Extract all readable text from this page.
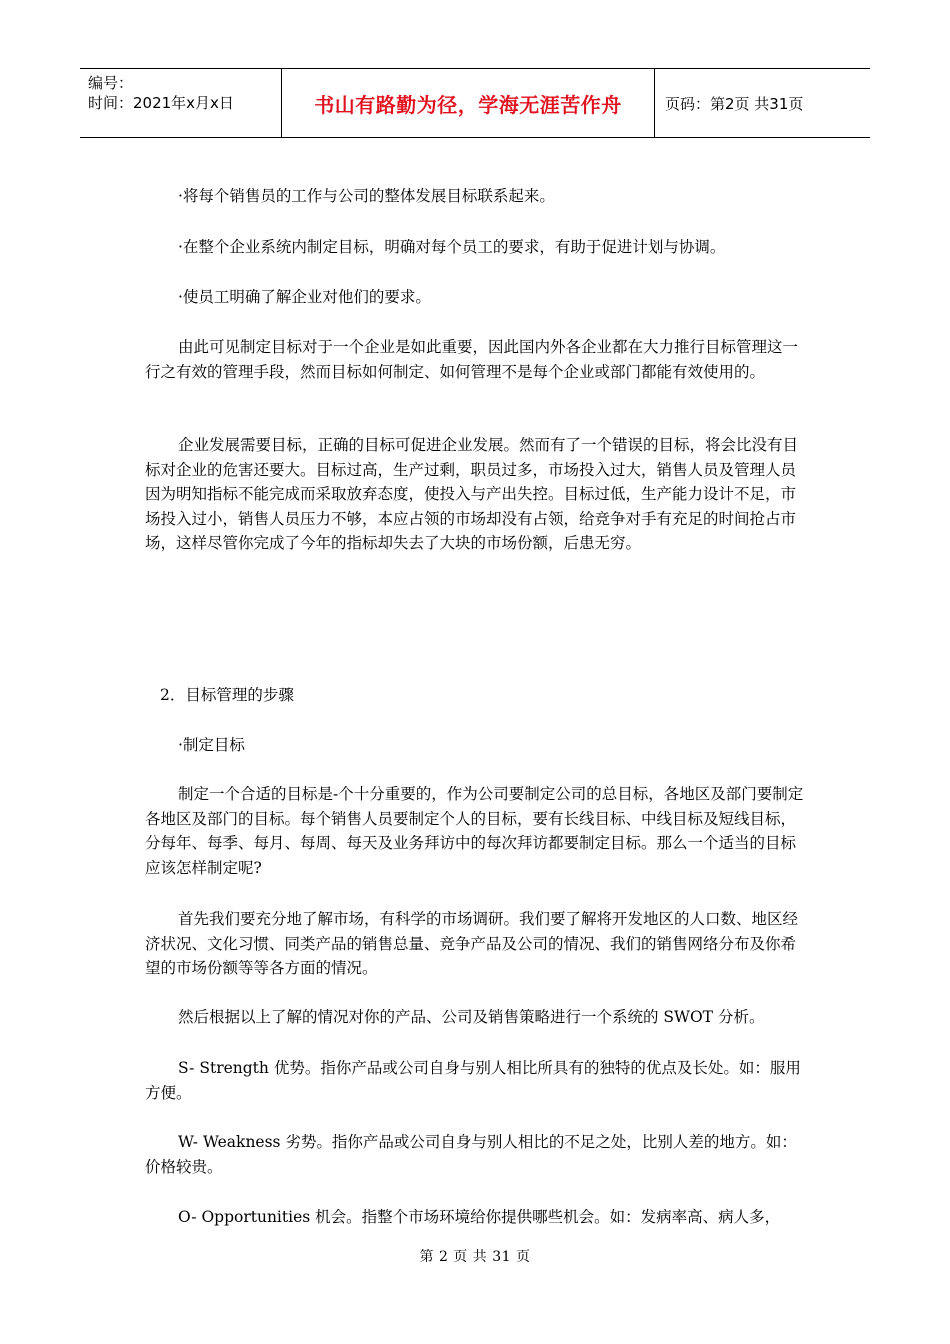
编号：
时间：2021年x月x日	书山有路勤为径，学海无涯苦作舟	页码：第2页 共31页

·将每个销售员的工作与公司的整体发展目标联系起来。

·在整个企业系统内制定目标，明确对每个员工的要求，有助于促进计划与协调。

·使员工明确了解企业对他们的要求。

由此可见制定目标对于一个企业是如此重要，因此国内外各企业都在大力推行目标管理这一行之有效的管理手段，然而目标如何制定、如何管理不是每个企业或部门都能有效使用的。

企业发展需要目标，正确的目标可促进企业发展。然而有了一个错误的目标，将会比没有目标对企业的危害还要大。目标过高，生产过剩，职员过多，市场投入过大，销售人员及管理人员因为明知指标不能完成而采取放弃态度，使投入与产出失控。目标过低，生产能力设计不足，市场投入过小，销售人员压力不够，本应占领的市场却没有占领，给竞争对手有充足的时间抢占市场，这样尽管你完成了今年的指标却失去了大块的市场份额，后患无穷。

2．目标管理的步骤

·制定目标

制定一个合适的目标是-个十分重要的，作为公司要制定公司的总目标，各地区及部门要制定各地区及部门的目标。每个销售人员要制定个人的目标，要有长线目标、中线目标及短线目标，分每年、每季、每月、每周、每天及业务拜访中的每次拜访都要制定目标。那么一个适当的目标应该怎样制定呢?

首先我们要充分地了解市场，有科学的市场调研。我们要了解将开发地区的人口数、地区经济状况、文化习惯、同类产品的销售总量、竞争产品及公司的情况、我们的销售网络分布及你希望的市场份额等等各方面的情况。

然后根据以上了解的情况对你的产品、公司及销售策略进行一个系统的 SWOT 分析。

S- Strength 优势。指你产品或公司自身与别人相比所具有的独特的优点及长处。如：服用方便。

W- Weakness 劣势。指你产品或公司自身与别人相比的不足之处，比别人差的地方。如：价格较贵。

O- Opportunities 机会。指整个市场环境给你提供哪些机会。如：发病率高、病人多，

第 2 页 共 31 页
